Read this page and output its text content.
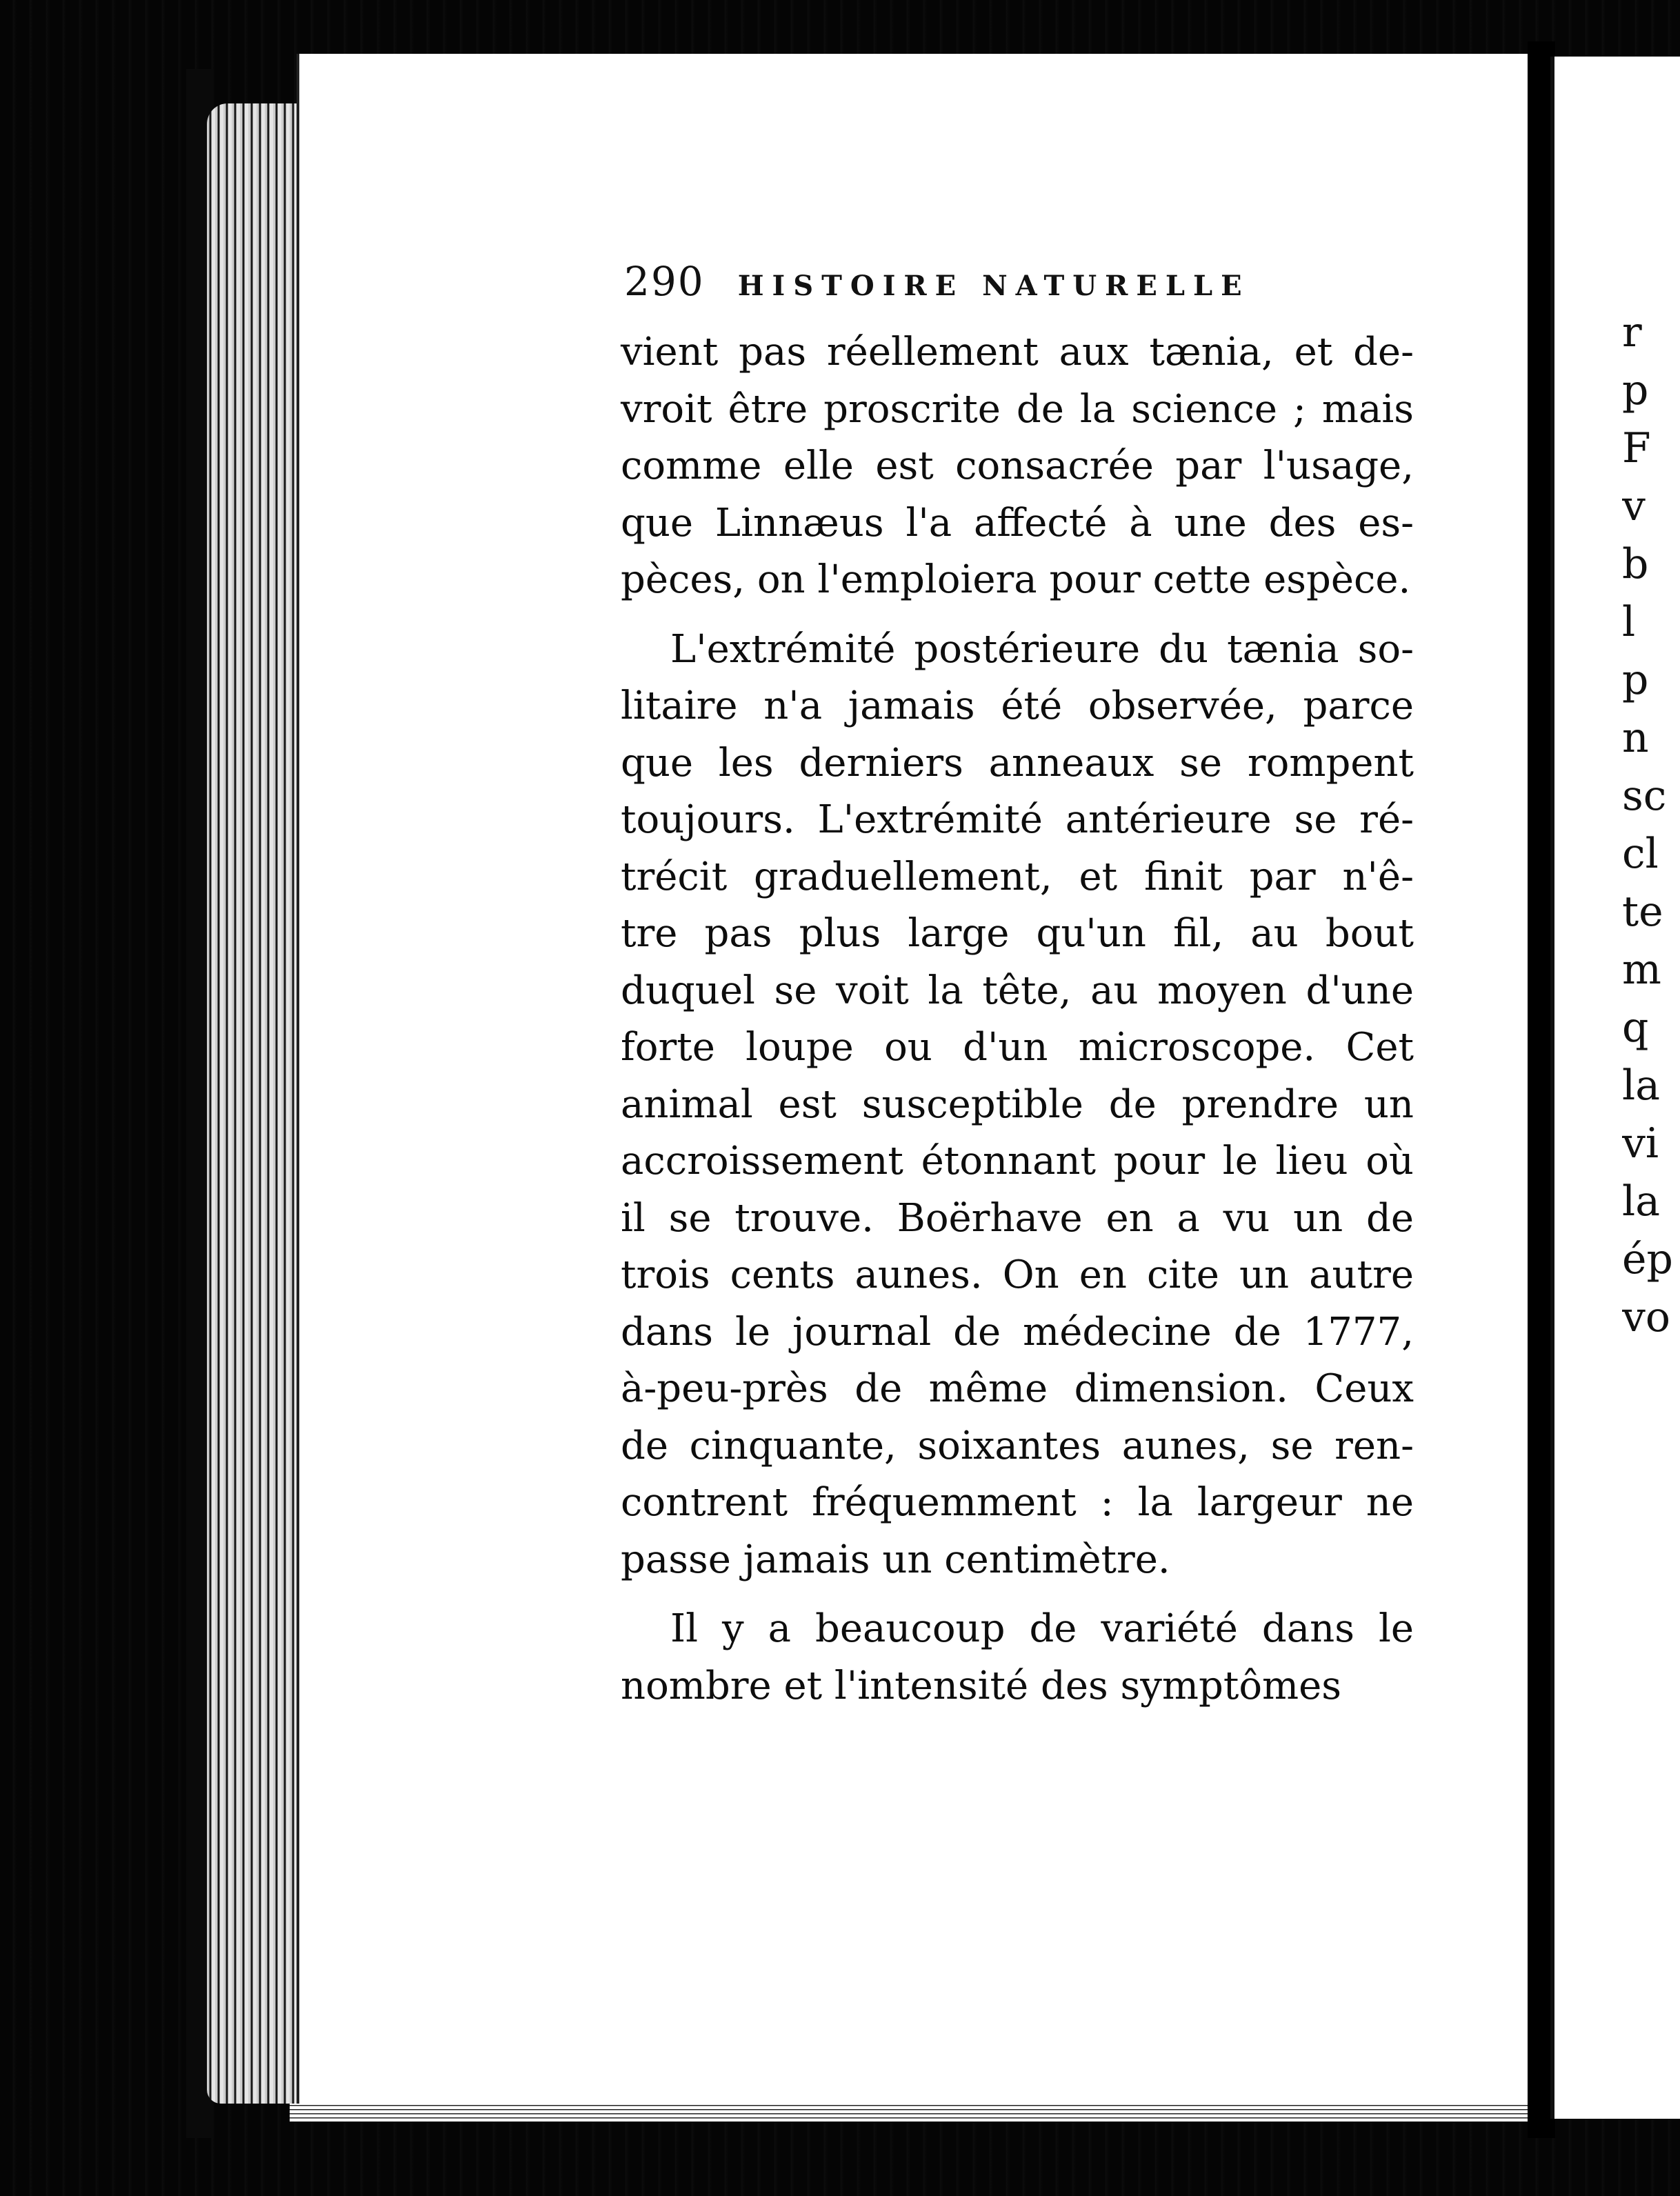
r
p
F
v
b
l
p
n
sc
cl
te
m
q
la
vi
la
ép
vo
290 HISTOIRE NATURELLE
vient pas réellement aux tænia, et de-
vroit être proscrite de la science ; mais
comme elle est consacrée par l'usage,
que Linnæus l'a affecté à une des es-
pèces, on l'emploiera pour cette espèce.
L'extrémité postérieure du tænia so-
litaire n'a jamais été observée, parce
que les derniers anneaux se rompent
toujours. L'extrémité antérieure se ré-
trécit graduellement, et finit par n'ê-
tre pas plus large qu'un fil, au bout
duquel se voit la tête, au moyen d'une
forte loupe ou d'un microscope. Cet
animal est susceptible de prendre un
accroissement étonnant pour le lieu où
il se trouve. Boërhave en a vu un de
trois cents aunes. On en cite un autre
dans le journal de médecine de 1777,
à-peu-près de même dimension. Ceux
de cinquante, soixantes aunes, se ren-
contrent fréquemment : la largeur ne
passe jamais un centimètre.
Il y a beaucoup de variété dans le
nombre et l'intensité des symptômes
